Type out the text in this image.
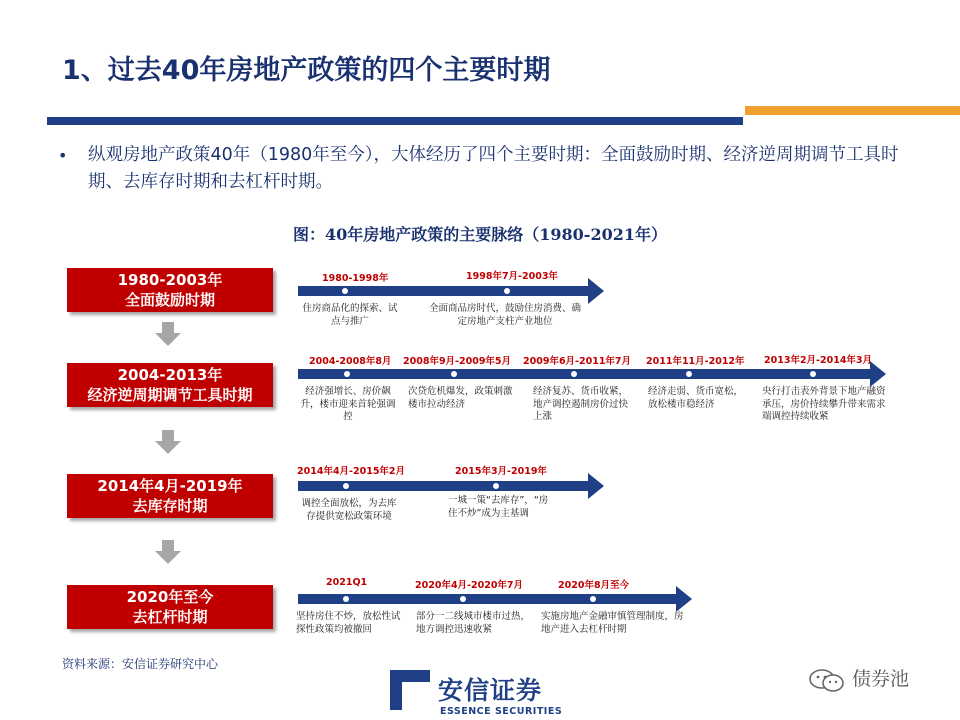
1、过去40年房地产政策的四个主要时期
• 纵观房地产政策40年（1980年至今），大体经历了四个主要时期：全面鼓励时期、经济逆周期调节工具时期、去库存时期和去杠杆时期。
图：40年房地产政策的主要脉络（1980-2021年）
1980-2003年
全面鼓励时期
1980-1998年	1998年7月-2003年
住房商品化的探索、试点与推广
全面商品房时代，鼓励住房消费、确定房地产支柱产业地位
2004-2013年
经济逆周期调节工具时期
2004-2008年8月 2008年9月-2009年5月 2009年6月-2011年7月 2011年11月-2012年 2013年2月-2014年3月
经济强增长、房价飙升，楼市迎来首轮强调控
次贷危机爆发，政策刺激楼市拉动经济
经济复苏、货币收紧，地产调控遏制房价过快上涨
经济走弱、货币宽松，放松楼市稳经济
央行打击表外背景下地产融资承压，房价持续攀升带来需求端调控持续收紧
2014年4月-2019年
去库存时期
2014年4月-2015年2月	2015年3月-2019年
调控全面放松，为去库存提供宽松政策环境
一城一策“去库存”，“房住不炒”成为主基调
2020年至今
去杠杆时期
2021Q1	2020年4月-2020年7月	2020年8月至今
坚持房住不炒，放松性试探性政策均被撤回
部分一二线城市楼市过热，地方调控迅速收紧
实施房地产金融审慎管理制度，房地产进入去杠杆时期
资料来源：安信证券研究中心
安信证券
ESSENCE SECURITIES
债券池
